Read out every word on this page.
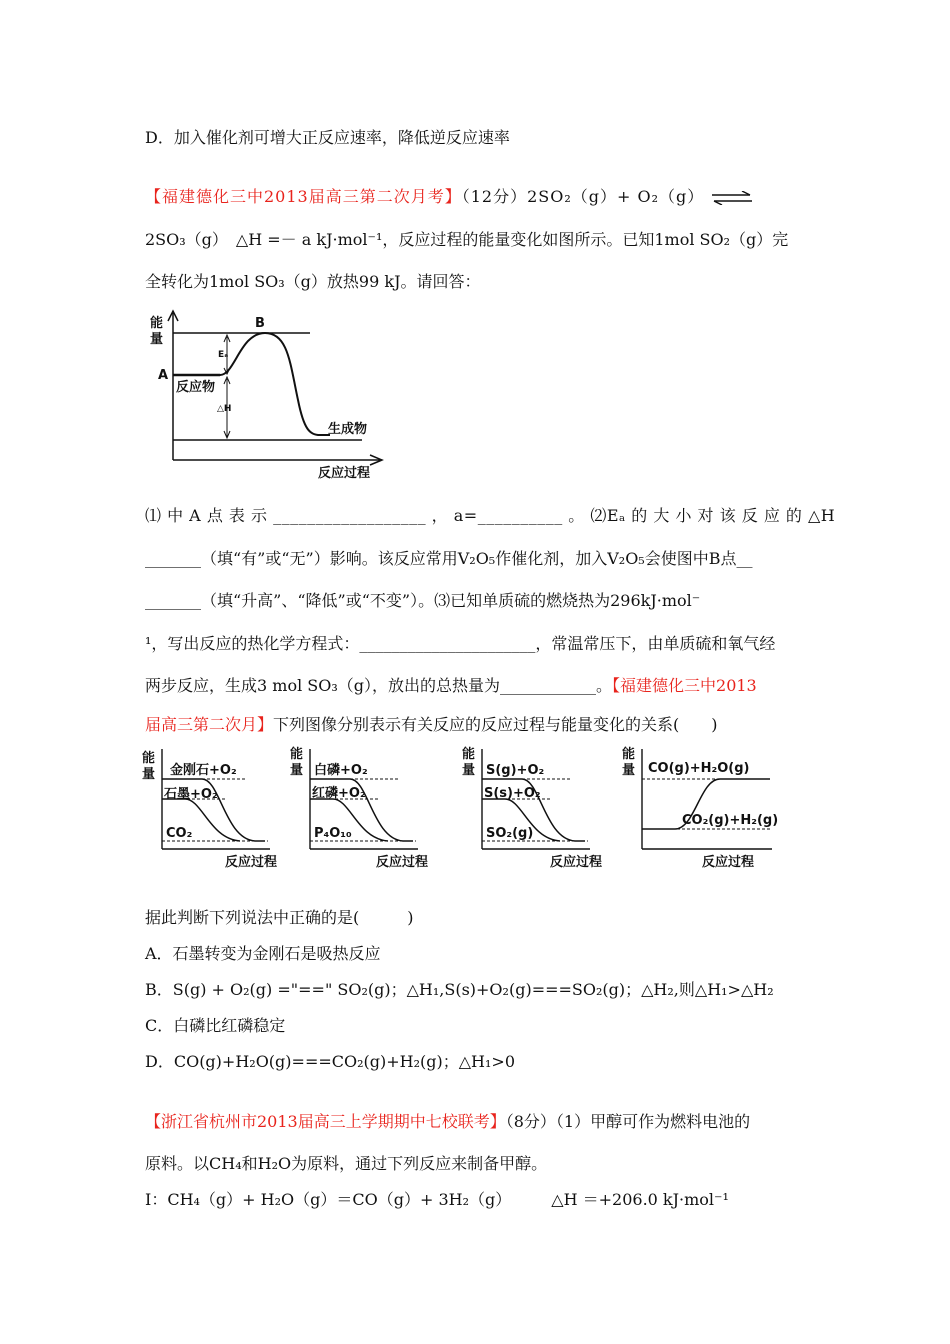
D．加入催化剂可增大正反应速率，降低逆反应速率
【福建德化三中2013届高三第二次月考】（12分）2SO₂（g）+ O₂（g） ⇌
2SO₃（g）　△H =－ a kJ·mol⁻¹，反应过程的能量变化如图所示。已知1mol SO₂（g）完
全转化为1mol SO₃（g）放热99 kJ。请回答：
能
量
A
B
Eₐ
△H
反应物
生成物
反应过程
⑴ 中 A 点 表 示 __________________ ， a=__________ 。 ⑵Eₐ 的 大 小 对 该 反 应 的 △H
_______（填“有”或“无”）影响。该反应常用V₂O₅作催化剂，加入V₂O₅会使图中B点__
_______（填“升高”、“降低”或“不变”）。⑶已知单质硫的燃烧热为296kJ·mol⁻
¹，写出反应的热化学方程式：______________________，常温常压下，由单质硫和氧气经
两步反应，生成3 mol SO₃（g），放出的总热量为____________。【福建德化三中2013
届高三第二次月】下列图像分别表示有关反应的反应过程与能量变化的关系(　　)
能
量 金刚石+O₂
石墨+O₂
CO₂
反应过程
能
量 白磷+O₂
红磷+O₂
P₄O₁₀
反应过程
能
量 S(g)+O₂
S(s)+O₂
SO₂(g)
反应过程
能
量 CO(g)+H₂O(g)
CO₂(g)+H₂(g)
反应过程
据此判断下列说法中正确的是(　　　)
A．石墨转变为金刚石是吸热反应
B．S(g) + O₂(g) ="==" SO₂(g)；△H₁,S(s)+O₂(g)===SO₂(g)；△H₂,则△H₁>△H₂
C．白磷比红磷稳定
D．CO(g)+H₂O(g)===CO₂(g)+H₂(g)；△H₁>0
【浙江省杭州市2013届高三上学期期中七校联考】（8分）（1）甲醇可作为燃料电池的
原料。以CH₄和H₂O为原料，通过下列反应来制备甲醇。
I：CH₄（g）+ H₂O（g）＝CO（g）+ 3H₂（g）　　　△H ＝+206.0 kJ·mol⁻¹
